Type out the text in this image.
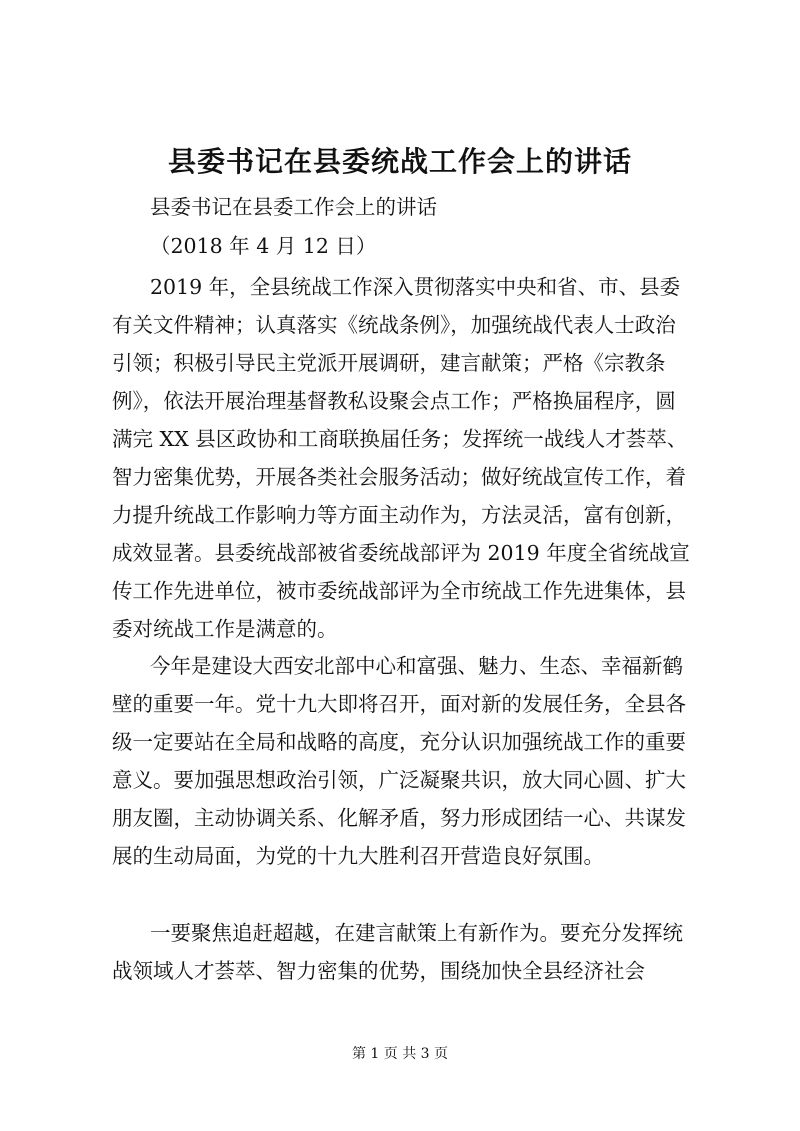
县委书记在县委统战工作会上的讲话
县委书记在县委工作会上的讲话
（2018 年 4 月 12 日）
2019 年，全县统战工作深入贯彻落实中央和省、市、县委
有关文件精神；认真落实《统战条例》，加强统战代表人士政治
引领；积极引导民主党派开展调研，建言献策；严格《宗教条
例》，依法开展治理基督教私设聚会点工作；严格换届程序，圆
满完 XX 县区政协和工商联换届任务；发挥统一战线人才荟萃、
智力密集优势，开展各类社会服务活动；做好统战宣传工作，着
力提升统战工作影响力等方面主动作为，方法灵活，富有创新，
成效显著。县委统战部被省委统战部评为 2019 年度全省统战宣
传工作先进单位，被市委统战部评为全市统战工作先进集体，县
委对统战工作是满意的。
今年是建设大西安北部中心和富强、魅力、生态、幸福新鹤
壁的重要一年。党十九大即将召开，面对新的发展任务，全县各
级一定要站在全局和战略的高度，充分认识加强统战工作的重要
意义。要加强思想政治引领，广泛凝聚共识，放大同心圆、扩大
朋友圈，主动协调关系、化解矛盾，努力形成团结一心、共谋发
展的生动局面，为党的十九大胜利召开营造良好氛围。
一要聚焦追赶超越，在建言献策上有新作为。要充分发挥统
战领域人才荟萃、智力密集的优势，围绕加快全县经济社会
第 1 页 共 3 页
